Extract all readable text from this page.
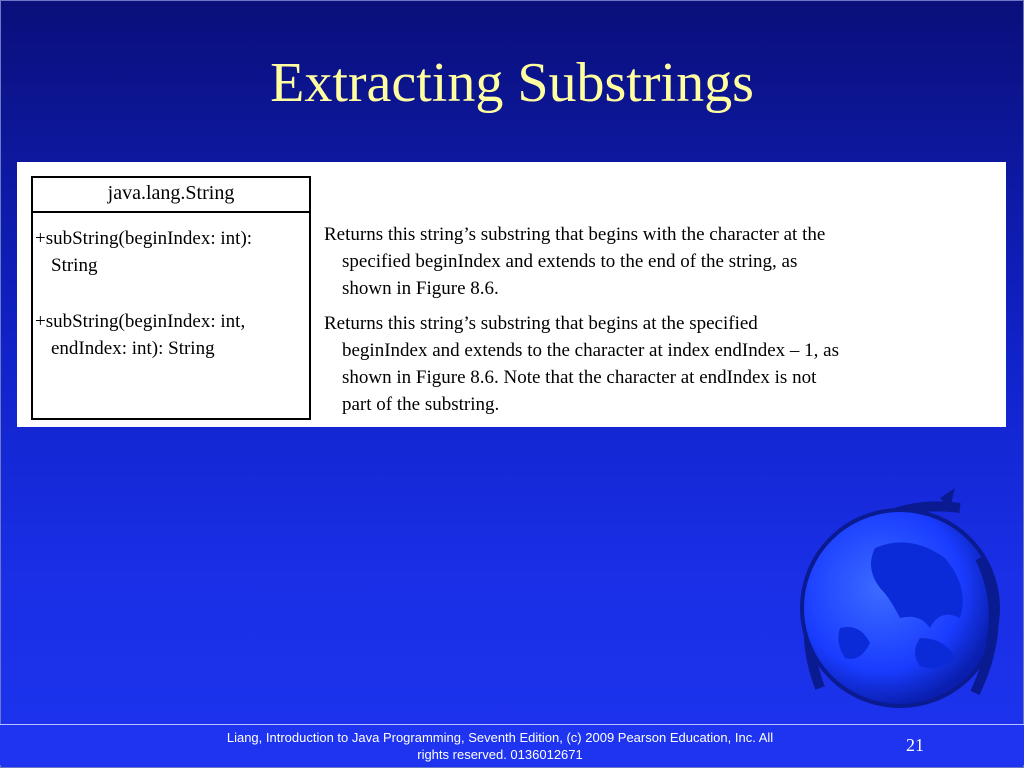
Extracting Substrings
java.lang.String
+subString(beginIndex: int):
String
+subString(beginIndex: int,
endIndex: int): String
Returns this string’s substring that begins with the character at the
specified beginIndex and extends to the end of the string, as
shown in Figure 8.6.
Returns this string’s substring that begins at the specified
beginIndex and extends to the character at index endIndex – 1, as
shown in Figure 8.6. Note that the character at endIndex is not
part of the substring.
Liang, Introduction to Java Programming, Seventh Edition, (c) 2009 Pearson Education, Inc. All
rights reserved. 0136012671	21
